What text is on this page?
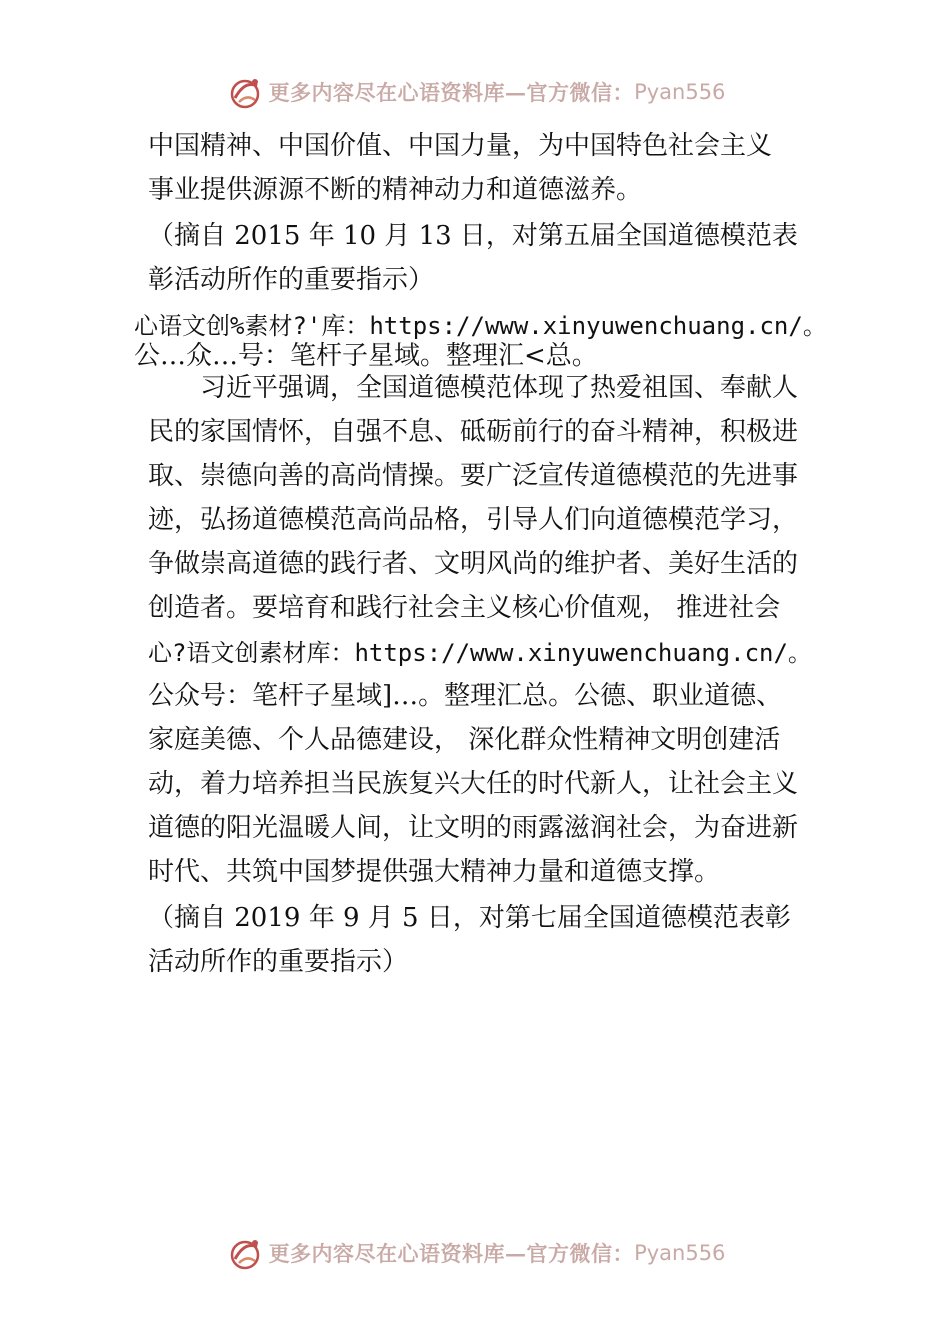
更多内容尽在心语资料库—官方微信： Pyan556
中国精神、中国价值、中国力量，为中国特色社会主义
事业提供源源不断的精神动力和道德滋养。
（摘自 2015 年 10 月 13 日，对第五届全国道德模范表
彰活动所作的重要指示）
心语文创%素材?'库：https://www.xinyuwenchuang.cn/。
公…众…号：笔杆子星域。整理汇<总。
习近平强调，全国道德模范体现了热爱祖国、奉献人
民的家国情怀，自强不息、砥砺前行的奋斗精神，积极进
取、崇德向善的高尚情操。要广泛宣传道德模范的先进事
迹，弘扬道德模范高尚品格，引导人们向道德模范学习，
争做崇高道德的践行者、文明风尚的维护者、美好生活的
创造者。要培育和践行社会主义核心价值观， 推进社会
心?语文创素材库：https://www.xinyuwenchuang.cn/。
公众号：笔杆子星域]…。整理汇总。公德、职业道德、
家庭美德、个人品德建设， 深化群众性精神文明创建活
动，着力培养担当民族复兴大任的时代新人，让社会主义
道德的阳光温暖人间，让文明的雨露滋润社会，为奋进新
时代、共筑中国梦提供强大精神力量和道德支撑。
（摘自 2019 年 9 月 5 日，对第七届全国道德模范表彰
活动所作的重要指示）
更多内容尽在心语资料库—官方微信： Pyan556
